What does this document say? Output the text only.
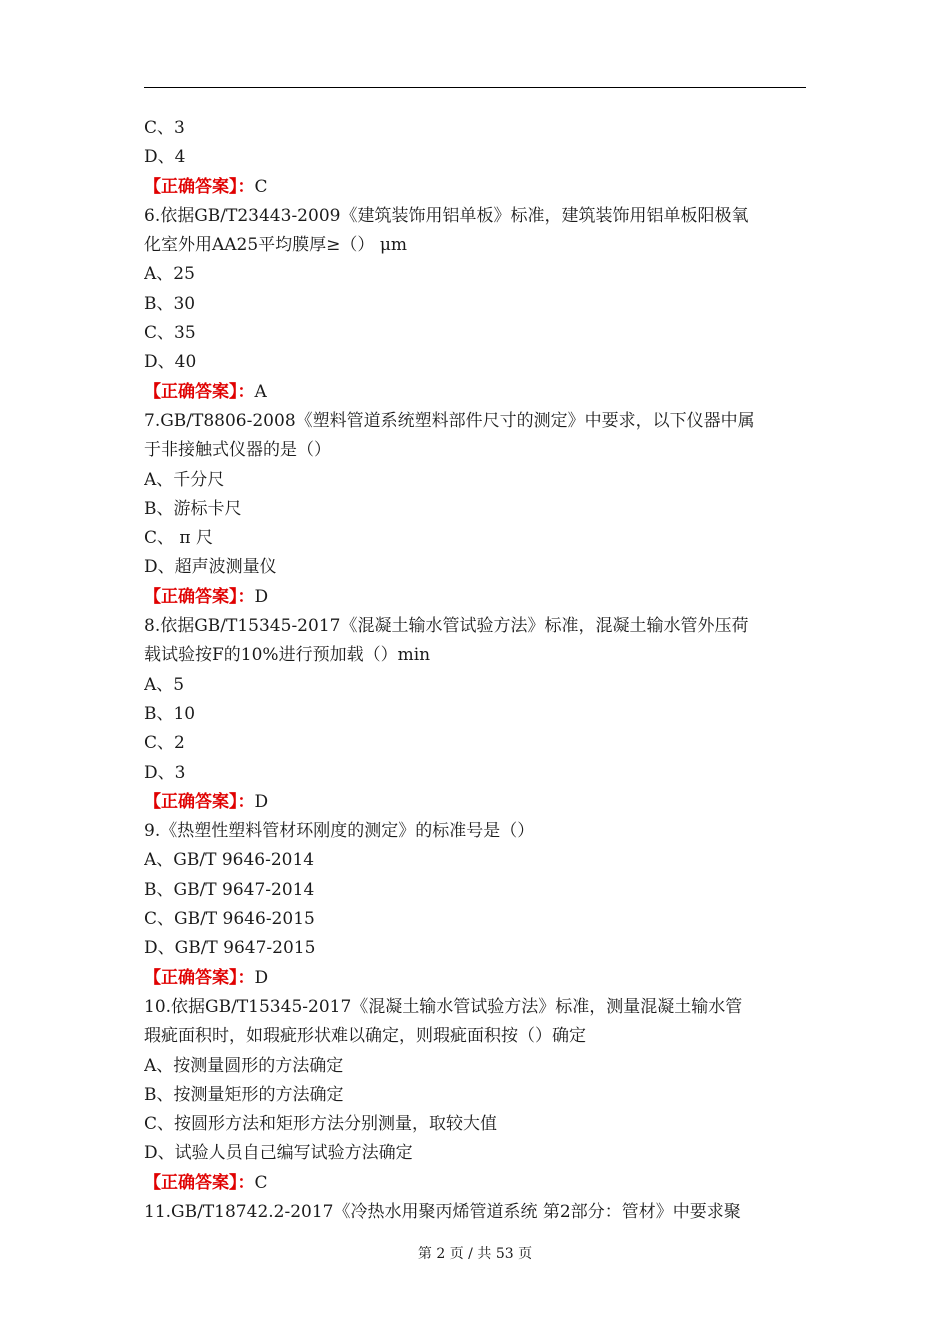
C、3
D、4
【正确答案】：C
6.依据GB/T23443-2009《建筑装饰用铝单板》标准，建筑装饰用铝单板阳极氧
化室外用AA25平均膜厚≥（） μm
A、25
B、30
C、35
D、40
【正确答案】：A
7.GB/T8806-2008《塑料管道系统塑料部件尺寸的测定》中要求，以下仪器中属
于非接触式仪器的是（）
A、千分尺
B、游标卡尺
C、 π 尺
D、超声波测量仪
【正确答案】：D
8.依据GB/T15345-2017《混凝土输水管试验方法》标准，混凝土输水管外压荷
载试验按F的10%进行预加载（）min
A、5
B、10
C、2
D、3
【正确答案】：D
9.《热塑性塑料管材环刚度的测定》的标准号是（）
A、GB/T 9646-2014
B、GB/T 9647-2014
C、GB/T 9646-2015
D、GB/T 9647-2015
【正确答案】：D
10.依据GB/T15345-2017《混凝土输水管试验方法》标准，测量混凝土输水管
瑕疵面积时，如瑕疵形状难以确定，则瑕疵面积按（）确定
A、按测量圆形的方法确定
B、按测量矩形的方法确定
C、按圆形方法和矩形方法分别测量，取较大值
D、试验人员自己编写试验方法确定
【正确答案】：C
11.GB/T18742.2-2017《冷热水用聚丙烯管道系统 第2部分：管材》中要求聚
第 2 页 / 共 53 页
